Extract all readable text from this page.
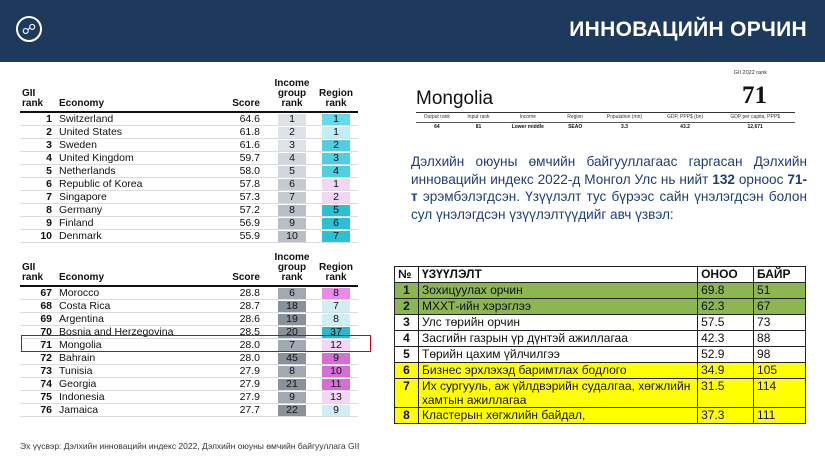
☍	ИННОВАЦИЙН ОРЧИН
GII rank	Economy	Score	Income group rank	Region rank
1	Switzerland	64.6	1	1
2	United States	61.8	2	1
3	Sweden	61.6	3	2
4	United Kingdom	59.7	4	3
5	Netherlands	58.0	5	4
6	Republic of Korea	57.8	6	1
7	Singapore	57.3	7	2
8	Germany	57.2	8	5
9	Finland	56.9	9	6
10	Denmark	55.9	10	7
GII rank	Economy	Score	Income group rank	Region rank
67	Morocco	28.8	6	8
68	Costa Rica	28.7	18	7
69	Argentina	28.6	19	8
70	Bosnia and Herzegovina	28.5	20	37
71	Mongolia	28.0	7	12
72	Bahrain	28.0	45	9
73	Tunisia	27.9	8	10
74	Georgia	27.9	21	11
75	Indonesia	27.9	9	13
76	Jamaica	27.7	22	9
GII 2022 rank
Mongolia	71
Output rank	Input rank	Income	Region	Population (mn)	GDP, PPP$ (bn)	GDP per capita, PPP$
64	81	Lower middle	SEAO	3.3	43.2	12,671
Дэлхийн оюуны өмчийн байгууллагаас гаргасан Дэлхийн инновацийн индекс 2022-д Монгол Улс нь нийт 132 орноос 71-т эрэмбэлэгдсэн. Үзүүлэлт тус бүрээс сайн үнэлэгдсэн болон сул үнэлэгдсэн үзүүлэлтүүдийг авч үзвэл:
№	ҮЗҮҮЛЭЛТ	ОНОО	БАЙР
1	Зохицуулах орчин	69.8	51
2	МХХТ-ийн хэрэглээ	62.3	67
3	Улс төрийн орчин	57.5	73
4	Засгийн газрын үр дүнтэй ажиллагаа	42.3	88
5	Төрийн цахим үйлчилгээ	52.9	98
6	Бизнес эрхлэхэд баримтлах бодлого	34.9	105
7	Их сургууль, аж үйлдвэрийн судалгаа, хөгжлийн хамтын ажиллагаа	31.5	114
8	Кластерын хөгжлийн байдал,	37.3	111
Эх үүсвэр: Дэлхийн инновацийн индекс 2022, Дэлхийн оюуны өмчийн байгууллага GII
